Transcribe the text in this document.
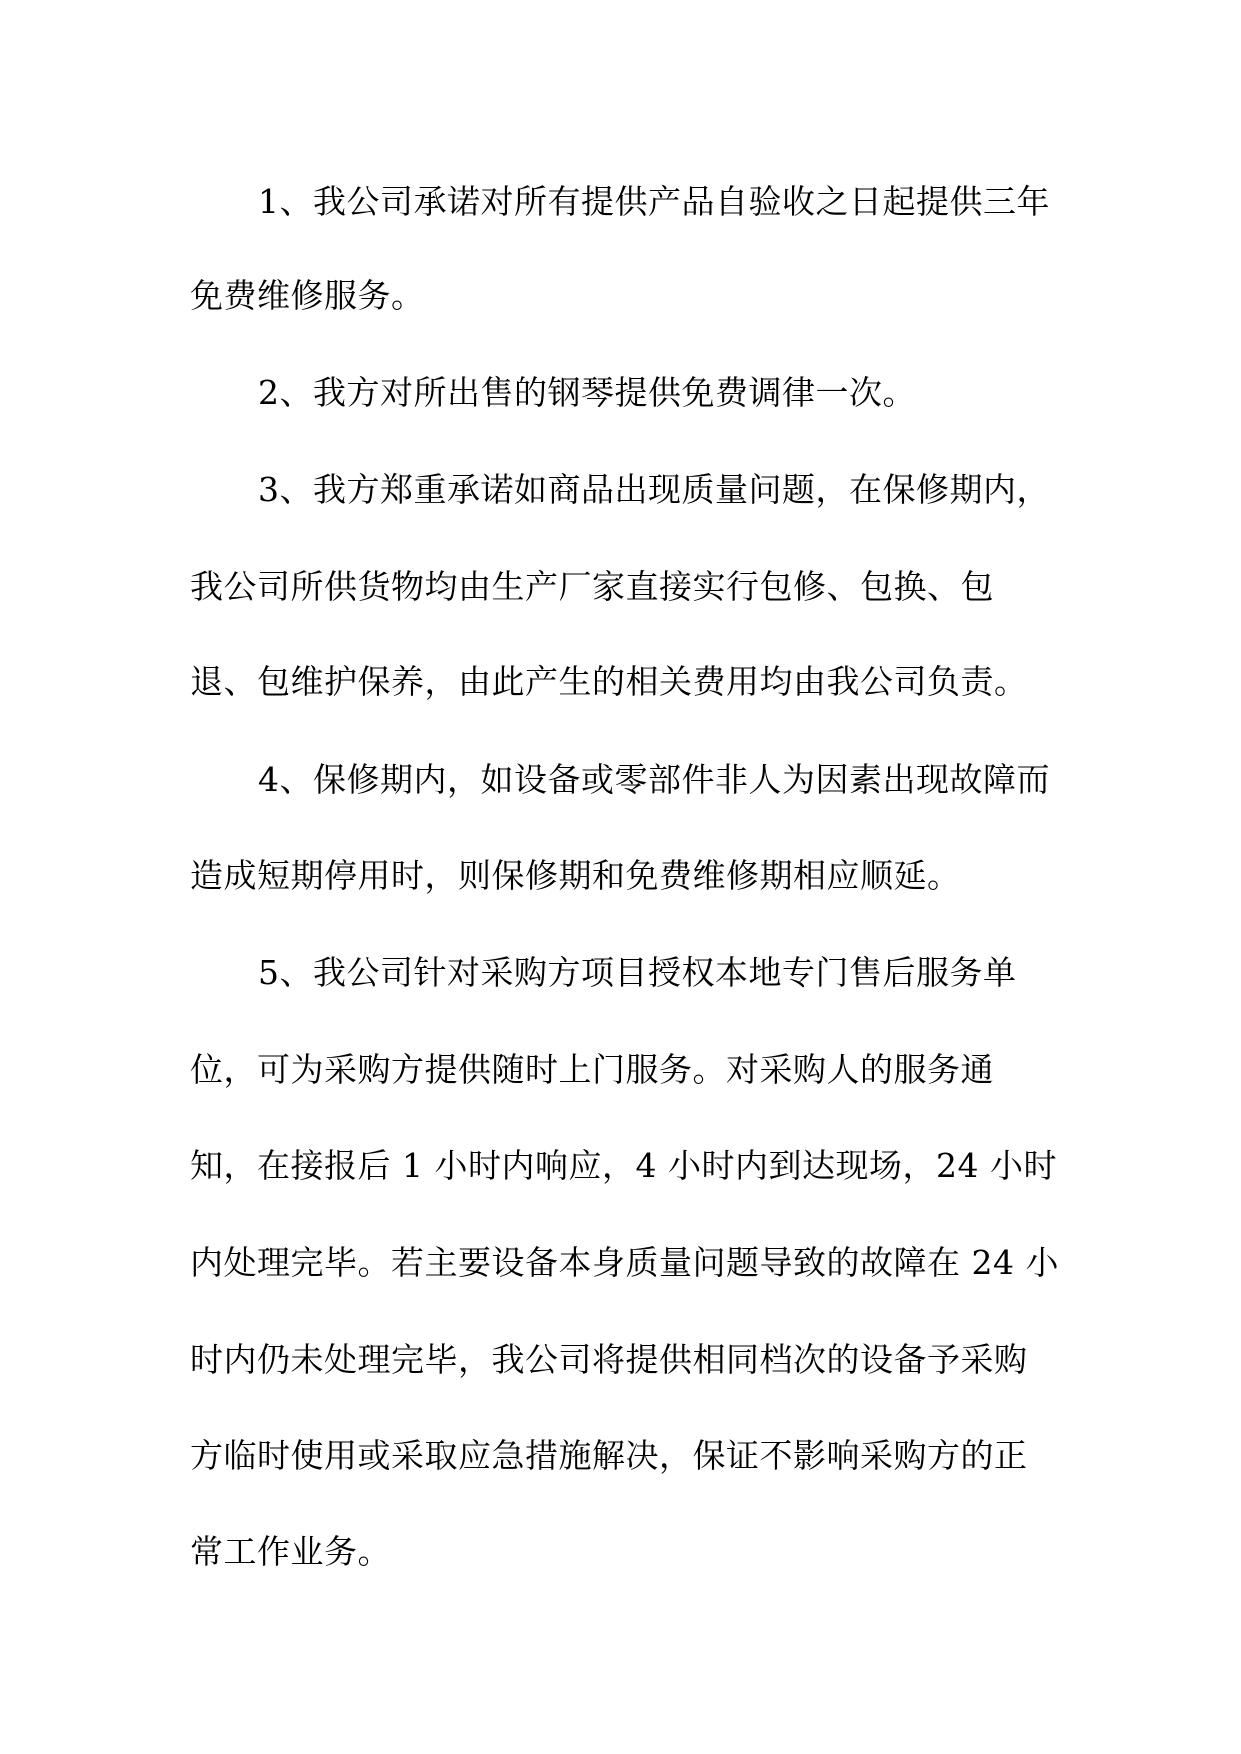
1、我公司承诺对所有提供产品自验收之日起提供三年
免费维修服务。
2、我方对所出售的钢琴提供免费调律一次。
3、我方郑重承诺如商品出现质量问题，在保修期内，
我公司所供货物均由生产厂家直接实行包修、包换、包
退、包维护保养，由此产生的相关费用均由我公司负责。
4、保修期内，如设备或零部件非人为因素出现故障而
造成短期停用时，则保修期和免费维修期相应顺延。
5、我公司针对采购方项目授权本地专门售后服务单
位，可为采购方提供随时上门服务。对采购人的服务通
知，在接报后 1 小时内响应，4 小时内到达现场，24 小时
内处理完毕。若主要设备本身质量问题导致的故障在 24 小
时内仍未处理完毕，我公司将提供相同档次的设备予采购
方临时使用或采取应急措施解决，保证不影响采购方的正
常工作业务。
